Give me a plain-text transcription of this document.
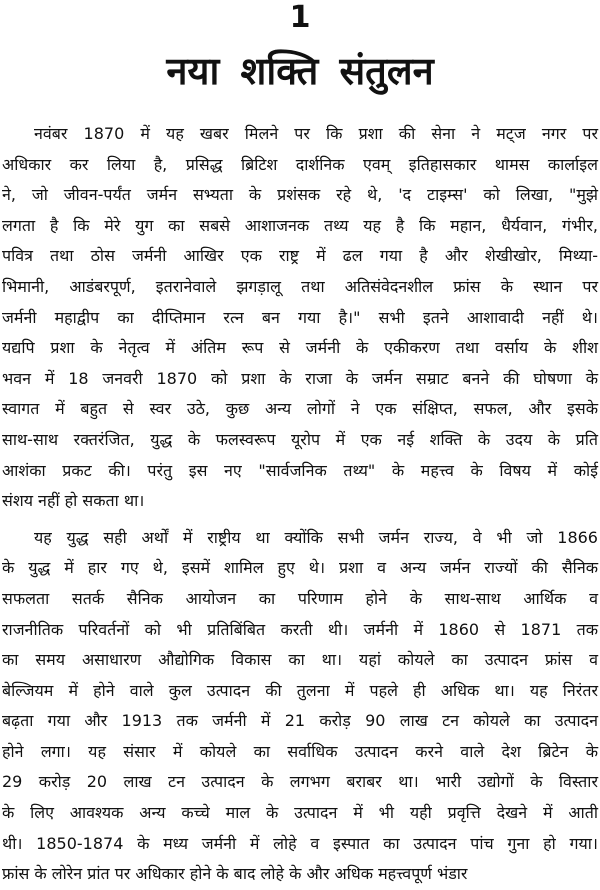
1
नया शक्ति संतुलन

नवंबर 1870 में यह खबर मिलने पर कि प्रशा की सेना ने मट्ज नगर पर
अधिकार कर लिया है, प्रसिद्ध ब्रिटिश दार्शनिक एवम् इतिहासकार थामस कार्लाइल
ने, जो जीवन-पर्यंत जर्मन सभ्यता के प्रशंसक रहे थे, 'द टाइम्स' को लिखा, "मुझे
लगता है कि मेरे युग का सबसे आशाजनक तथ्य यह है कि महान, धैर्यवान, गंभीर,
पवित्र तथा ठोस जर्मनी आखिर एक राष्ट्र में ढल गया है और शेखीखोर, मिथ्या-
भिमानी, आडंबरपूर्ण, इतरानेवाले झगड़ालू तथा अतिसंवेदनशील फ्रांस के स्थान पर
जर्मनी महाद्वीप का दीप्तिमान रत्न बन गया है।" सभी इतने आशावादी नहीं थे।
यद्यपि प्रशा के नेतृत्व में अंतिम रूप से जर्मनी के एकीकरण तथा वर्साय के शीश
भवन में 18 जनवरी 1870 को प्रशा के राजा के जर्मन सम्राट बनने की घोषणा के
स्वागत में बहुत से स्वर उठे, कुछ अन्य लोगों ने एक संक्षिप्त, सफल, और इसके
साथ-साथ रक्तरंजित, युद्ध के फलस्वरूप यूरोप में एक नई शक्ति के उदय के प्रति
आशंका प्रकट की। परंतु इस नए "सार्वजनिक तथ्य" के महत्त्व के विषय में कोई
संशय नहीं हो सकता था।

यह युद्ध सही अर्थों में राष्ट्रीय था क्योंकि सभी जर्मन राज्य, वे भी जो 1866
के युद्ध में हार गए थे, इसमें शामिल हुए थे। प्रशा व अन्य जर्मन राज्यों की सैनिक
सफलता सतर्क सैनिक आयोजन का परिणाम होने के साथ-साथ आर्थिक व
राजनीतिक परिवर्तनों को भी प्रतिबिंबित करती थी। जर्मनी में 1860 से 1871 तक
का समय असाधारण औद्योगिक विकास का था। यहां कोयले का उत्पादन फ्रांस व
बेल्जियम में होने वाले कुल उत्पादन की तुलना में पहले ही अधिक था। यह निरंतर
बढ़ता गया और 1913 तक जर्मनी में 21 करोड़ 90 लाख टन कोयले का उत्पादन
होने लगा। यह संसार में कोयले का सर्वाधिक उत्पादन करने वाले देश ब्रिटेन के
29 करोड़ 20 लाख टन उत्पादन के लगभग बराबर था। भारी उद्योगों के विस्तार
के लिए आवश्यक अन्य कच्चे माल के उत्पादन में भी यही प्रवृत्ति देखने में आती
थी। 1850-1874 के मध्य जर्मनी में लोहे व इस्पात का उत्पादन पांच गुना हो गया।
फ्रांस के लोरेन प्रांत पर अधिकार होने के बाद लोहे के और अधिक महत्त्वपूर्ण भंडार
